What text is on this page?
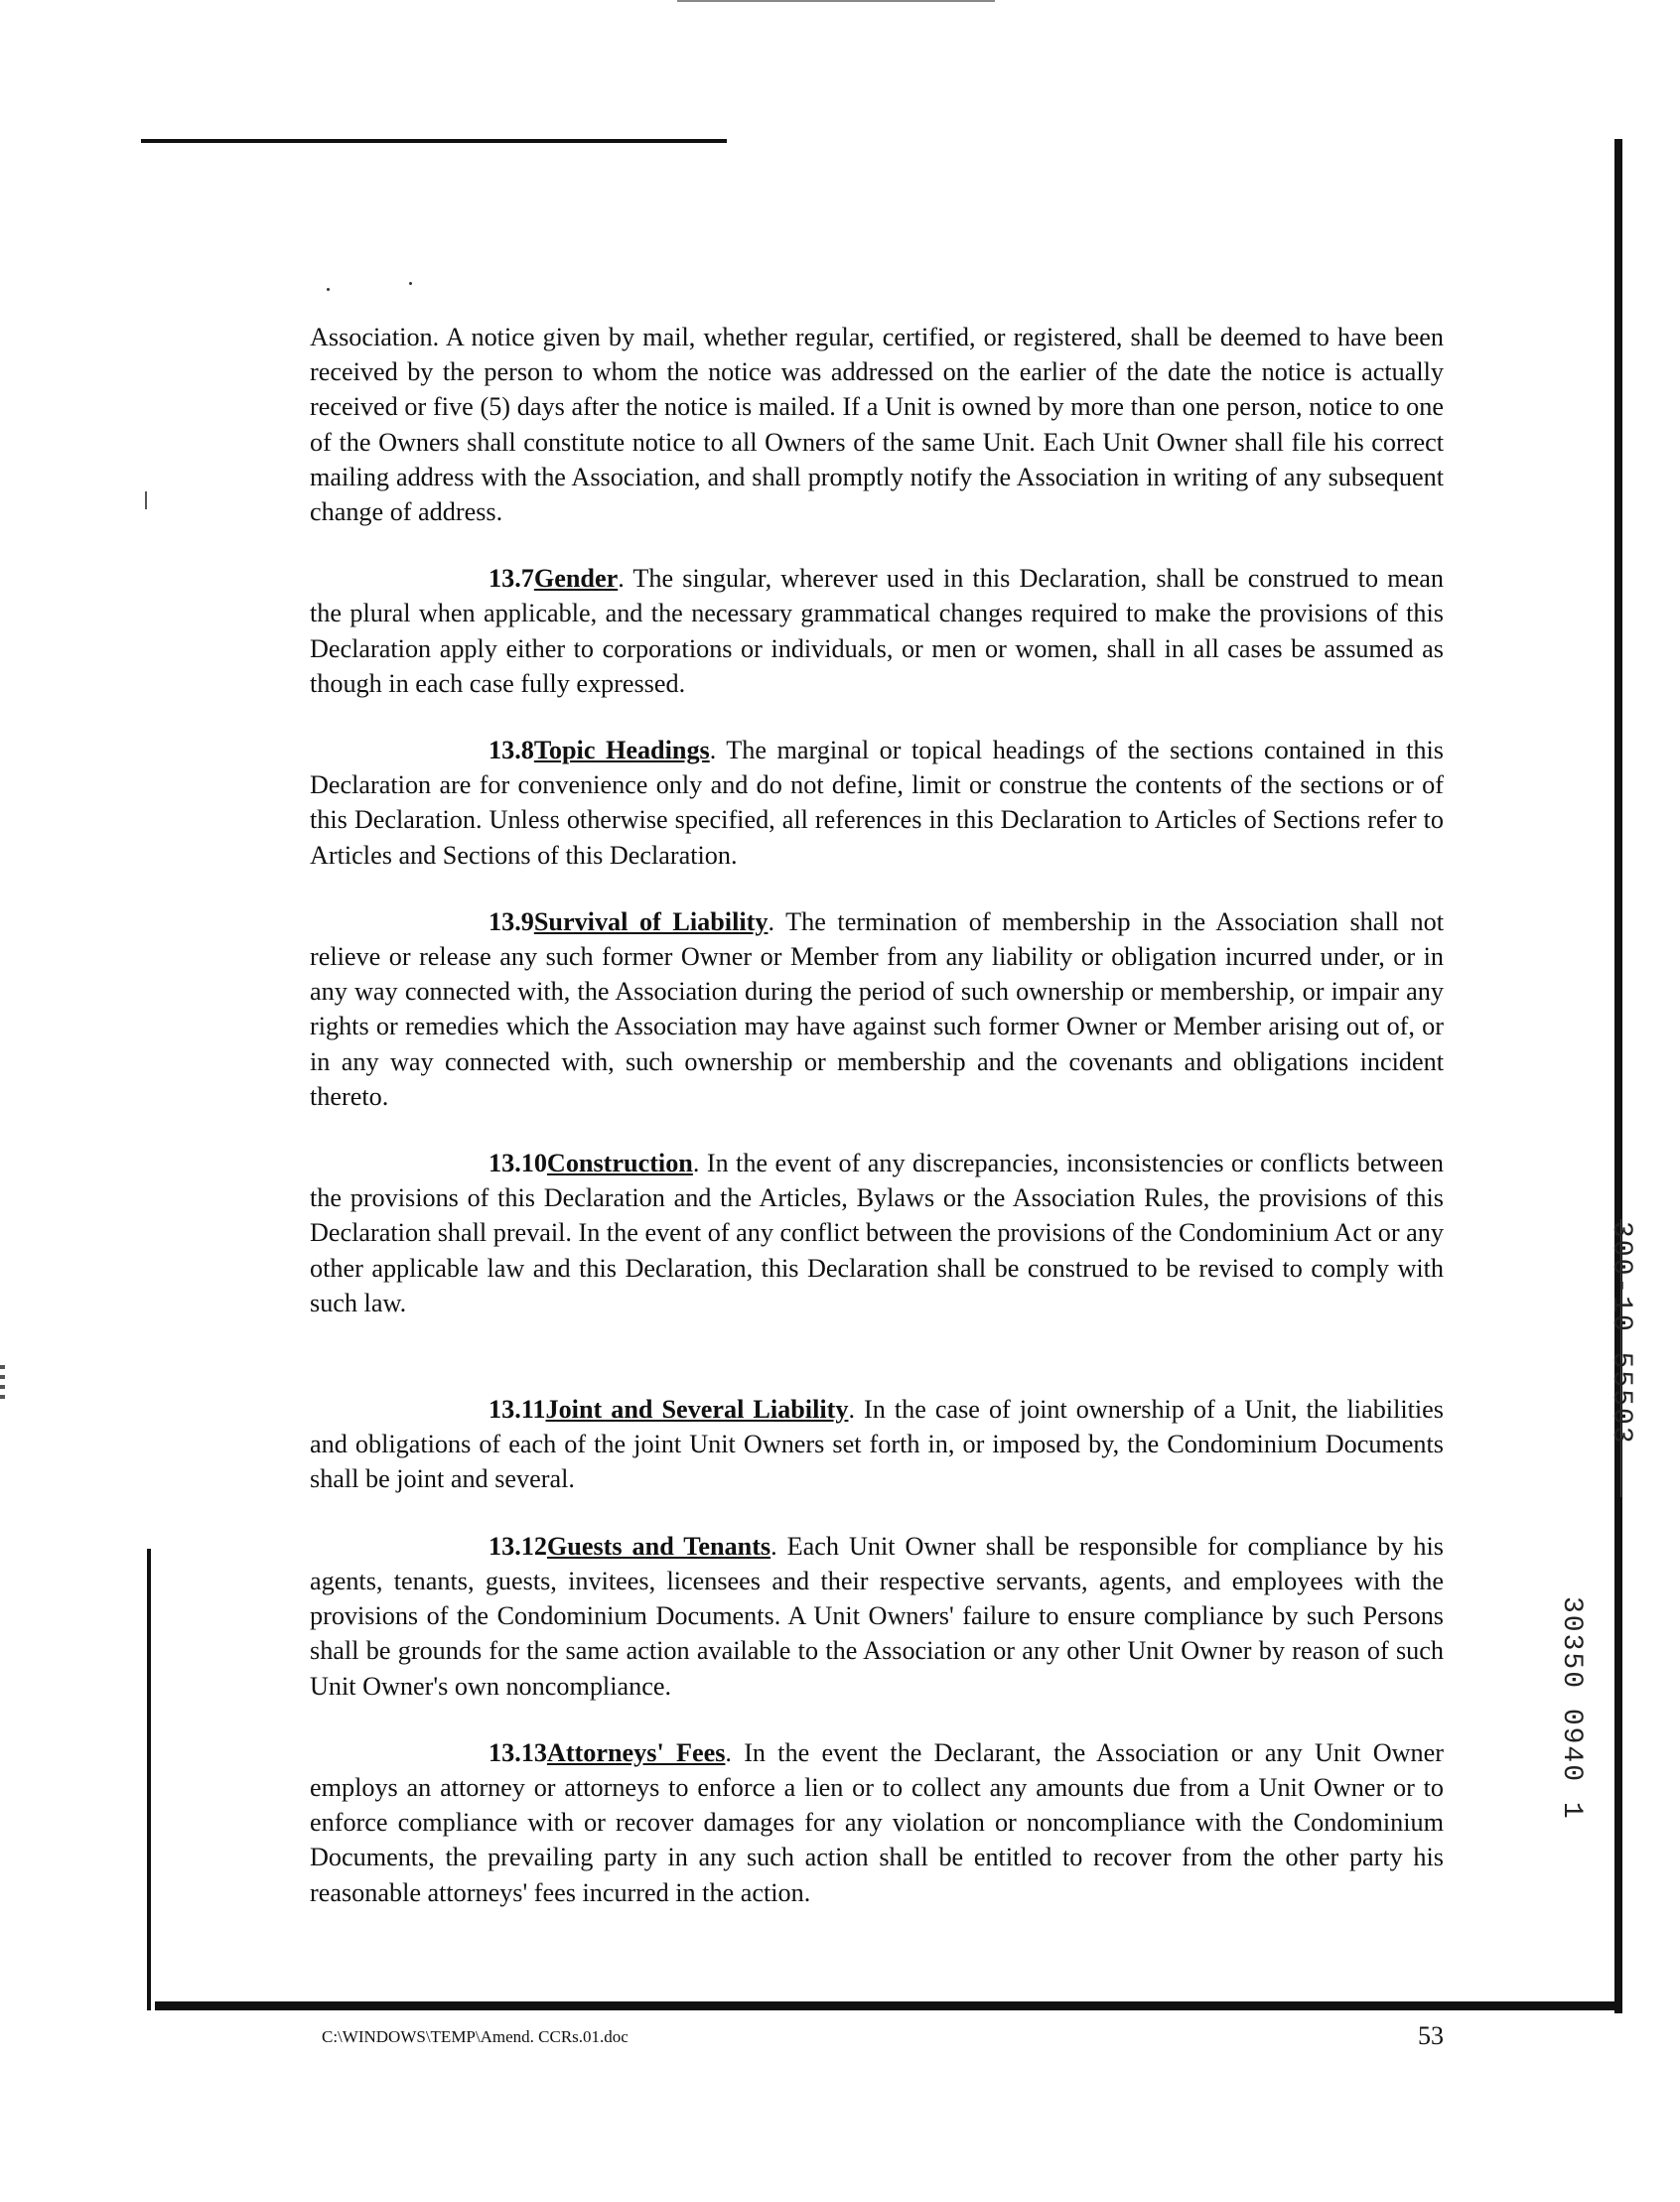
Association. A notice given by mail, whether regular, certified, or registered, shall be deemed to have been received by the person to whom the notice was addressed on the earlier of the date the notice is actually received or five (5) days after the notice is mailed. If a Unit is owned by more than one person, notice to one of the Owners shall constitute notice to all Owners of the same Unit. Each Unit Owner shall file his correct mailing address with the Association, and shall promptly notify the Association in writing of any subsequent change of address.

13.7Gender. The singular, wherever used in this Declaration, shall be construed to mean the plural when applicable, and the necessary grammatical changes required to make the provisions of this Declaration apply either to corporations or individuals, or men or women, shall in all cases be assumed as though in each case fully expressed.

13.8Topic Headings. The marginal or topical headings of the sections contained in this Declaration are for convenience only and do not define, limit or construe the contents of the sections or of this Declaration. Unless otherwise specified, all references in this Declaration to Articles of Sections refer to Articles and Sections of this Declaration.

13.9Survival of Liability. The termination of membership in the Association shall not relieve or release any such former Owner or Member from any liability or obligation incurred under, or in any way connected with, the Association during the period of such ownership or membership, or impair any rights or remedies which the Association may have against such former Owner or Member arising out of, or in any way connected with, such ownership or membership and the covenants and obligations incident thereto.

13.10Construction. In the event of any discrepancies, inconsistencies or conflicts between the provisions of this Declaration and the Articles, Bylaws or the Association Rules, the provisions of this Declaration shall prevail. In the event of any conflict between the provisions of the Condominium Act or any other applicable law and this Declaration, this Declaration shall be construed to be revised to comply with such law.

13.11Joint and Several Liability. In the case of joint ownership of a Unit, the liabilities and obligations of each of the joint Unit Owners set forth in, or imposed by, the Condominium Documents shall be joint and several.

13.12Guests and Tenants. Each Unit Owner shall be responsible for compliance by his agents, tenants, guests, invitees, licensees and their respective servants, agents, and employees with the provisions of the Condominium Documents. A Unit Owners' failure to ensure compliance by such Persons shall be grounds for the same action available to the Association or any other Unit Owner by reason of such Unit Owner's own noncompliance.

13.13Attorneys' Fees. In the event the Declarant, the Association or any Unit Owner employs an attorney or attorneys to enforce a lien or to collect any amounts due from a Unit Owner or to enforce compliance with or recover damages for any violation or noncompliance with the Condominium Documents, the prevailing party in any such action shall be entitled to recover from the other party his reasonable attorneys' fees incurred in the action.

C:\WINDOWS\TEMP\Amend. CCRs.01.doc	53
300-10 55503
30350 0940 1
